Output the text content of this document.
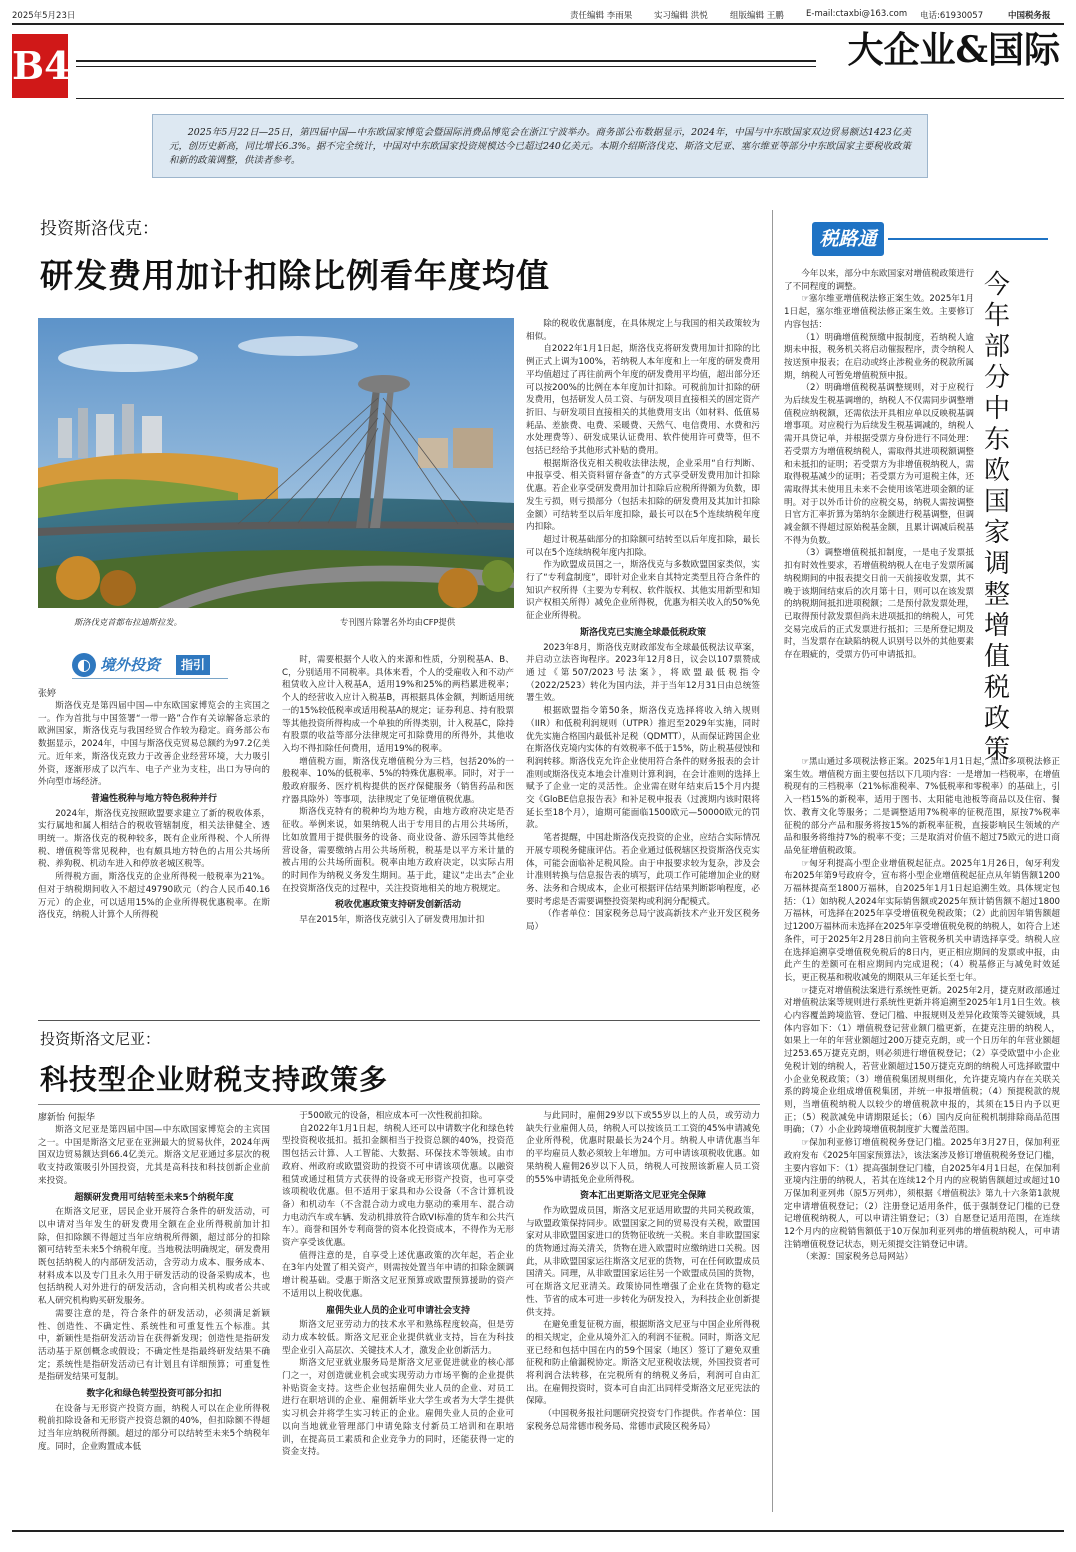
2025年5月23日	责任编辑 李雨果	实习编辑 洪悦	组版编辑 王鹏	E-mail:ctaxbi@163.com 电话:61930057	中国税务报
B4	大企业&国际
2025年5月22日—25日，第四届中国—中东欧国家博览会暨国际消费品博览会在浙江宁波举办。商务部公布数据显示，2024年，中国与中东欧国家双边贸易额达1423亿美元，创历史新高，同比增长6.3%。据不完全统计，中国对中东欧国家投资规模达今已超过240亿美元。本期介绍斯洛伐克、斯洛文尼亚、塞尔维亚等部分中东欧国家主要税收政策和新的政策调整，供读者参考。
投资斯洛伐克：
研发费用加计扣除比例看年度均值
斯洛伐克首都布拉迪斯拉发。	专刊图片除署名外均由CFP提供
◐ 境外投资	指引
张婷

斯洛伐克是第四届中国—中东欧国家博览会的主宾国之一。作为首批与中国签署“一带一路”合作有关谅解备忘录的欧洲国家，斯洛伐克与我国经贸合作较为稳定。商务部公布数据显示，2024年，中国与斯洛伐克贸易总额约为97.2亿美元。近年来，斯洛伐克致力于改善企业经营环境，大力吸引外资，逐渐形成了以汽车、电子产业为支柱，出口为导向的外向型市场经济。

普遍性税种与地方特色税种并行

2024年，斯洛伐克按照欧盟要求建立了新的税收体系，实行属地和属人相结合的税收管辖制度，相关法律健全、透明统一。斯洛伐克的税种较多，既有企业所得税、个人所得税、增值税等常见税种，也有颇具地方特色的占用公共场所税、养狗税、机动车进入和停放老城区税等。

所得税方面，斯洛伐克的企业所得税一般税率为21%。但对于纳税期间收入不超过49790欧元（约合人民币40.16万元）的企业，可以适用15%的企业所得税优惠税率。在斯洛伐克，纳税人计算个人所得税

时，需要根据个人收入的来源和性质，分别税基A、B、C，分别适用不同税率。具体来看，个人的受雇收入和不动产租赁收入应计入税基A，适用19%和25%的两档累进税率；个人的经营收入应计入税基B，再根据具体金额，判断适用统一的15%较低税率或适用税基A的规定；证券利息、持有股票等其他投资所得构成一个单独的所得类别，计入税基C，除持有股票的收益等部分法律规定可扣除费用的所得外，其他收入均不得扣除任何费用，适用19%的税率。

增值税方面，斯洛伐克增值税分为三档，包括20%的一般税率、10%的低税率、5%的特殊优惠税率。同时，对于一般政府服务、医疗机构提供的医疗保健服务（销售药品和医疗器具除外）等事项，法律规定了免征增值税优惠。

斯洛伐克特有的税种均为地方税，由地方政府决定是否征收。举例来说，如果纳税人出于专用目的占用公共场所，比如放置用于提供服务的设备、商业设备、游乐园等其他经营设备，需要缴纳占用公共场所税，税基是以平方米计量的被占用的公共场所面积。税率由地方政府决定，以实际占用的时间作为纳税义务发生期间。基于此，建议“走出去”企业在投资斯洛伐克的过程中，关注投资地相关的地方税规定。

税收优惠政策支持研发创新活动

早在2015年，斯洛伐克就引入了研发费用加计扣

除的税收优惠制度，在具体规定上与我国的相关政策较为相似。

自2022年1月1日起，斯洛伐克将研发费用加计扣除的比例正式上调为100%，若纳税人本年度和上一年度的研发费用平均值超过了再往前两个年度的研发费用平均值，超出部分还可以按200%的比例在本年度加计扣除。可税前加计扣除的研发费用，包括研发人员工资、与研发项目直接相关的固定资产折旧、与研发项目直接相关的其他费用支出（如材料、低值易耗品、差旅费、电费、采暖费、天然气、电信费用、水费和污水处理费等）、研发成果认证费用、软件使用许可费等，但不包括已经给予其他形式补贴的费用。

根据斯洛伐克相关税收法律法规，企业采用“自行判断、申报享受、相关资料留存备查”的方式享受研发费用加计扣除优惠。若企业享受研发费用加计扣除后应税所得额为负数，即发生亏损，则亏损部分（包括未扣除的研发费用及其加计扣除金额）可结转至以后年度扣除，最长可以在5个连续纳税年度内扣除。

超过计税基础部分的扣除额可结转至以后年度扣除，最长可以在5个连续纳税年度内扣除。

作为欧盟成员国之一，斯洛伐克与多数欧盟国家类似，实行了“专利盒制度”，即针对企业来自其特定类型且符合条件的知识产权所得（主要为专利权、软件版权、其他实用新型和知识产权相关所得）减免企业所得税，优惠为相关收入的50%免征企业所得税。

斯洛伐克已实施全球最低税政策

2023年8月，斯洛伐克财政部发布全球最低税法议草案，并启动立法咨询程序。2023年12月8日，议会以107票赞成通过《第507/2023号法案》，将欧盟最低税指令（2022/2523）转化为国内法，并于当年12月31日由总统签署生效。

根据欧盟指令第50条，斯洛伐克选择将收入纳入规则（IIR）和低税利润规则（UTPR）推迟至2029年实施，同时优先实施合格国内最低补足税（QDMTT），从而保证跨国企业在斯洛伐克境内实体的有效税率不低于15%，防止税基侵蚀和利润转移。斯洛伐克允许企业使用符合条件的财务报表的会计准则或斯洛伐克本地会计准则计算利润，在会计准则的选择上赋予了企业一定的灵活性。企业需在财年结束后15个月内提交《GloBE信息报告表》和补足税申报表（过渡期内该时限将延长至18个月），逾期可能面临1500欧元—50000欧元的罚款。

笔者提醒，中国赴斯洛伐克投资的企业，应结合实际情况开展专项税务健康评估。若企业通过低税辖区投资斯洛伐克实体，可能会面临补足税风险。由于申报要求较为复杂，涉及会计准则转换与信息报告表的填写，此项工作可能增加企业的财务、法务和合规成本，企业可根据评估结果判断影响程度，必要时考虑是否需要调整投资架构或利润分配模式。

（作者单位：国家税务总局宁波高新技术产业开发区税务局）

投资斯洛文尼亚：
科技型企业财税支持政策多
廖新怡 何振华

斯洛文尼亚是第四届中国—中东欧国家博览会的主宾国之一。中国是斯洛文尼亚在亚洲最大的贸易伙伴，2024年两国双边贸易额达到66.4亿美元。斯洛文尼亚通过多层次的税收支持政策吸引外国投资，尤其是高科技和科技创新企业前来投资。

超额研发费用可结转至未来5个纳税年度

在斯洛文尼亚，居民企业开展符合条件的研发活动，可以申请对当年发生的研发费用全额在企业所得税前加计扣除，但扣除额不得超过当年应纳税所得额，超过部分的扣除额可结转至未来5个纳税年度。当地税法明确规定，研发费用既包括纳税人的内部研发活动，含劳动力成本、服务成本、材料成本以及专门且永久用于研发活动的设备采购成本，也包括纳税人对外进行的研发活动，含向相关机构或者公共或私人研究机构购买研发服务。

需要注意的是，符合条件的研发活动，必须满足新颖性、创造性、不确定性、系统性和可重复性五个标准。其中，新颖性是指研发活动旨在获得新发现；创造性是指研发活动基于原创概念或假设；不确定性是指最终研发结果不确定；系统性是指研发活动已有计划且有详细预算；可重复性是指研发结果可复制。

数字化和绿色转型投资可部分扣扣

在设备与无形资产投资方面，纳税人可以在企业所得税税前扣除设备和无形资产投资总额的40%，但扣除额不得超过当年应纳税所得额。超过的部分可以结转至未来5个纳税年度。同时，企业购置成本低

于500欧元的设备，相应成本可一次性税前扣除。

自2022年1月1日起，纳税人还可以申请数字化和绿色转型投资税收抵扣。抵扣金额相当于投资总额的40%，投资范围包括云计算、人工智能、大数据、环保技术等领域。由市政府、州政府或欧盟资助的投资不可申请该项优惠。以融资租赁或通过租赁方式获得的设备或无形资产投资，也可享受该项税收优惠。但不适用于家具和办公设备（不含计算机设备）和机动车（不含混合动力或电力驱动的乘用车、混合动力电动汽车或车辆、发动机排放符合欧VI标准的货车和公共汽车）。商誉和国外专利商誉的资本化投资成本，不得作为无形资产享受该优惠。

值得注意的是，自享受上述优惠政策的次年起，若企业在3年内处置了相关资产，则需按处置当年申请的扣除金额调增计税基础。受惠于斯洛文尼亚预算或欧盟预算援助的资产不适用以上税收优惠。

雇佣失业人员的企业可申请社会支持

斯洛文尼亚劳动力的技术水平和熟练程度较高，但是劳动力成本较低。斯洛文尼亚企业提供就业支持，旨在为科技型企业引入高层次、关键技术人才，激发企业创新活力。

斯洛文尼亚就业服务局是斯洛文尼亚促进就业的核心部门之一，对创造就业机会或实现劳动力市场平衡的企业提供补贴资金支持。这些企业包括雇佣失业人员的企业、对员工进行在职培训的企业、雇佣新毕业大学生或者为大学生提供实习机会并将学生实习转正的企业。雇佣失业人员的企业可以向当地就业管理部门申请免除支付新员工培训和在职培训，在提高员工素质和企业竞争力的同时，还能获得一定的资金支持。

与此同时，雇佣29岁以下或55岁以上的人员，或劳动力缺失行业雇佣人员，纳税人可以按该员工工资的45%申请减免企业所得税，优惠时限最长为24个月。纳税人申请优惠当年的平均雇员人数必须较上年增加。方可申请该项税收优惠。如果纳税人雇佣26岁以下人员，纳税人可按照该新雇人员工资的55%申请抵免企业所得税。

资本汇出更斯洛文尼亚完全保障

作为欧盟成员国，斯洛文尼亚适用欧盟的共同关税政策，与欧盟政策保持同步。欧盟国家之间的贸易没有关税，欧盟国家对从非欧盟国家进口的货物征收统一关税。来自非欧盟国家的货物通过海关清关，货物在进入欧盟时应缴纳进口关税。因此，从非欧盟国家运往斯洛文尼亚的货物，可在任何欧盟成员国清关。同理，从非欧盟国家运往另一个欧盟成员国的货物，可在斯洛文尼亚清关。政策协同性增强了企业在货物的稳定性、节省的成本可进一步转化为研发投入，为科技企业创新提供支持。

在避免重复征税方面，根据斯洛文尼亚与中国企业所得税的相关规定，企业从境外汇入的利润不征税。同时，斯洛文尼亚已经和包括中国在内的59个国家（地区）签订了避免双重征税和防止偷漏税协定。斯洛文尼亚税收法规，外国投资者可将利润合法转移，在完税所有的纳税义务后，利润可自由汇出。在雇佣投资时，资本可自由汇出同样受斯洛文尼亚宪法的保障。

（中国税务报社问题研究投资专门作提供。作者单位：国家税务总局常德市税务局、常德市武陵区税务局）

税路通
今年部分中东欧国家调整增值税政策

今年以来，部分中东欧国家对增值税政策进行了不同程度的调整。

☞塞尔维亚增值税法修正案生效。2025年1月1日起，塞尔维亚增值税法修正案生效。主要修订内容包括：

（1）明确增值税预缴申报制度，若纳税人逾期未申报，税务机关将启动催报程序，责令纳税人按送预申报表；在启动或终止涉税业务的税款所属期，纳税人可暂免增值税预申报。

（2）明确增值税税基调整规则，对于应税行为后续发生税基调增的，纳税人不仅需同步调整增值税应纳税额，还需依法开具相应单以反映税基调增事项。对应税行为后续发生税基调减的，纳税人需开具贷记单，并根据受票方身份进行不同处理：若受票方为增值税纳税人，需取得其进项税额调整和未抵扣的证明；若受票方为非增值税纳税人，需取得税基减少的证明；若受票方为可退税主体，还需取得其未使用且未来不会使用该笔进项金额的证明。对于以外币计价的应税交易，纳税人需按调整日官方汇率折算为第纳尔金额进行税基调整，但调减金额不得超过原始税基金额，且累计调减后税基不得为负数。

（3）调整增值税抵扣制度，一是电子发票抵扣有时效性要求，若增值税纳税人在电子发票所属纳税期间的申报表提交日前一天前接收发票，其不晚于该期间结束后的次月第十日，则可以在该发票的纳税期间抵扣进项税额；二是预付款发票处理，已取得预付款发票但尚未进项抵扣的纳税人，可凭交易完成后的正式发票进行抵扣；三是所登记期及时，当发票存在缺陷纳税人识别号以外的其他要素存在瑕疵的，受票方仍可申请抵扣。

☞黑山通过多项税法修正案。2025年1月1日起，黑山多项税法修正案生效。增值税方面主要包括以下几项内容：一是增加一档税率，在增值税现有的三档税率（21%标准税率、7%低税率和零税率）的基础上，引入一档15%的新税率，适用于图书、太阳能电池板等商品以及住宿、餐饮、教育文化等服务；二是调整适用7%税率的征税范围，原按7%税率征税的部分产品和服务将按15%的新税率征税，直接影响民生领域的产品和服务将维持7%的税率不变；三是取消对价值不超过75欧元的进口商品免征增值税政策。

☞匈牙利提高小型企业增值税起征点。2025年1月26日，匈牙利发布2025年第9号政府令，宣布将小型企业增值税起征点从年销售额1200万福林提高至1800万福林，自2025年1月1日起追溯生效。具体规定包括：（1）如纳税人2024年实际销售额或2025年预计销售额不超过1800万福林，可选择在2025年享受增值税免税政策；（2）此前因年销售额超过1200万福林而未选择在2025年享受增值税免税的纳税人，如符合上述条件，可于2025年2月28日前向主管税务机关申请选择享受。纳税人应在选择追溯享受增值税免税后的8日内，更正相应期间的发票或申报，由此产生的差额可在相应期间内完成退税；（4）税基修正与减免时效延长，更正税基和税收减免的期限从三年延长至七年。

☞捷克对增值税法案进行系统性更新。2025年2月，捷克财政部通过对增值税法案等规则进行系统性更新并将追溯至2025年1月1日生效。核心内容覆盖跨境监管、登记门槛、申报规则及差异化政策等关键领域，具体内容如下：（1）增值税登记营业额门槛更新，在捷克注册的纳税人，如果上一年的年营业额超过200万捷克克朗，或一个日历年的年营业额超过253.65万捷克克朗，则必须进行增值税登记；（2）享受欧盟中小企业免税计划的纳税人，若营业额超过150万捷克克朗的纳税人可选择欧盟中小企业免税政策；（3）增值税集团规则细化，允许捷克境内存在关联关系的跨境企业组成增值税集团，并统一申报增值税；（4）预提税款的规则，当增值税纳税人以较少的增值税款申报的，其须在15日内予以更正；（5）税款减免申请期限延长；（6）国内反向征税机制排除商品范围明确；（7）小企业跨境增值税制度扩大覆盖范围。

☞保加利亚修订增值税税务登记门槛。2025年3月27日，保加利亚政府发布《2025年国家预算法》，该法案涉及修订增值税税务登记门槛，主要内容如下：（1）提高强制登记门槛，自2025年4月1日起，在保加利亚境内注册的纳税人，若其在连续12个月内的应税销售额超过或超过10万保加利亚列弗（原5万列弗），须根据《增值税法》第九十六条第1款规定申请增值税登记；（2）注册登记适用条件，低于强制登记门槛的已登记增值税纳税人，可以申请注销登记；（3）自愿登记适用范围，在连续12个月内的应税销售额低于10万保加利亚列弗的增值税纳税人，可申请注销增值税登记状态，则无须提交注销登记申请。

（来源：国家税务总局网站）
